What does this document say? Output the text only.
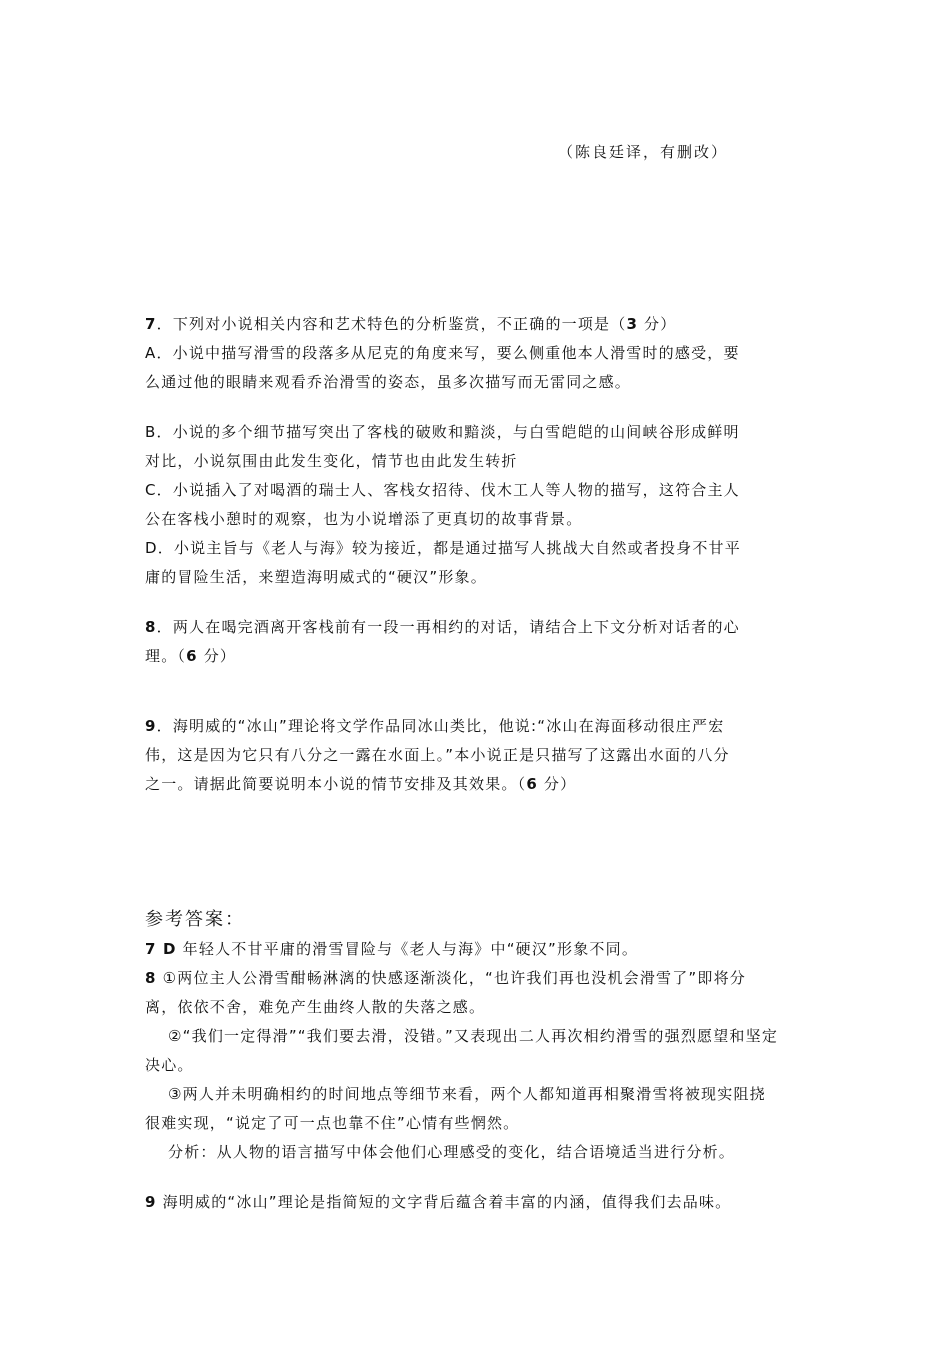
（陈良廷译，有删改）
7．下列对小说相关内容和艺术特色的分析鉴赏，不正确的一项是（3 分）
A．小说中描写滑雪的段落多从尼克的角度来写，要么侧重他本人滑雪时的感受，要
么通过他的眼睛来观看乔治滑雪的姿态，虽多次描写而无雷同之感。
B．小说的多个细节描写突出了客栈的破败和黯淡，与白雪皑皑的山间峡谷形成鲜明
对比，小说氛围由此发生变化，情节也由此发生转折
C．小说插入了对喝酒的瑞士人、客栈女招待、伐木工人等人物的描写，这符合主人
公在客栈小憩时的观察，也为小说增添了更真切的故事背景。
D．小说主旨与《老人与海》较为接近，都是通过描写人挑战大自然或者投身不甘平
庸的冒险生活，来塑造海明威式的“硬汉”形象。
8．两人在喝完酒离开客栈前有一段一再相约的对话，请结合上下文分析对话者的心
理。（6 分）
9．海明威的“冰山”理论将文学作品同冰山类比，他说:“冰山在海面移动很庄严宏
伟，这是因为它只有八分之一露在水面上。”本小说正是只描写了这露出水面的八分
之一。请据此简要说明本小说的情节安排及其效果。（6 分）
参考答案：
7 D 年轻人不甘平庸的滑雪冒险与《老人与海》中“硬汉”形象不同。
8 ①两位主人公滑雪酣畅淋漓的快感逐渐淡化，“也许我们再也没机会滑雪了”即将分
离，依依不舍，难免产生曲终人散的失落之感。
②“我们一定得滑”“我们要去滑，没错。”又表现出二人再次相约滑雪的强烈愿望和坚定
决心。
③两人并未明确相约的时间地点等细节来看，两个人都知道再相聚滑雪将被现实阻挠
很难实现，“说定了可一点也靠不住”心情有些惘然。
分析：从人物的语言描写中体会他们心理感受的变化，结合语境适当进行分析。
9 海明威的“冰山”理论是指简短的文字背后蕴含着丰富的内涵，值得我们去品味。
